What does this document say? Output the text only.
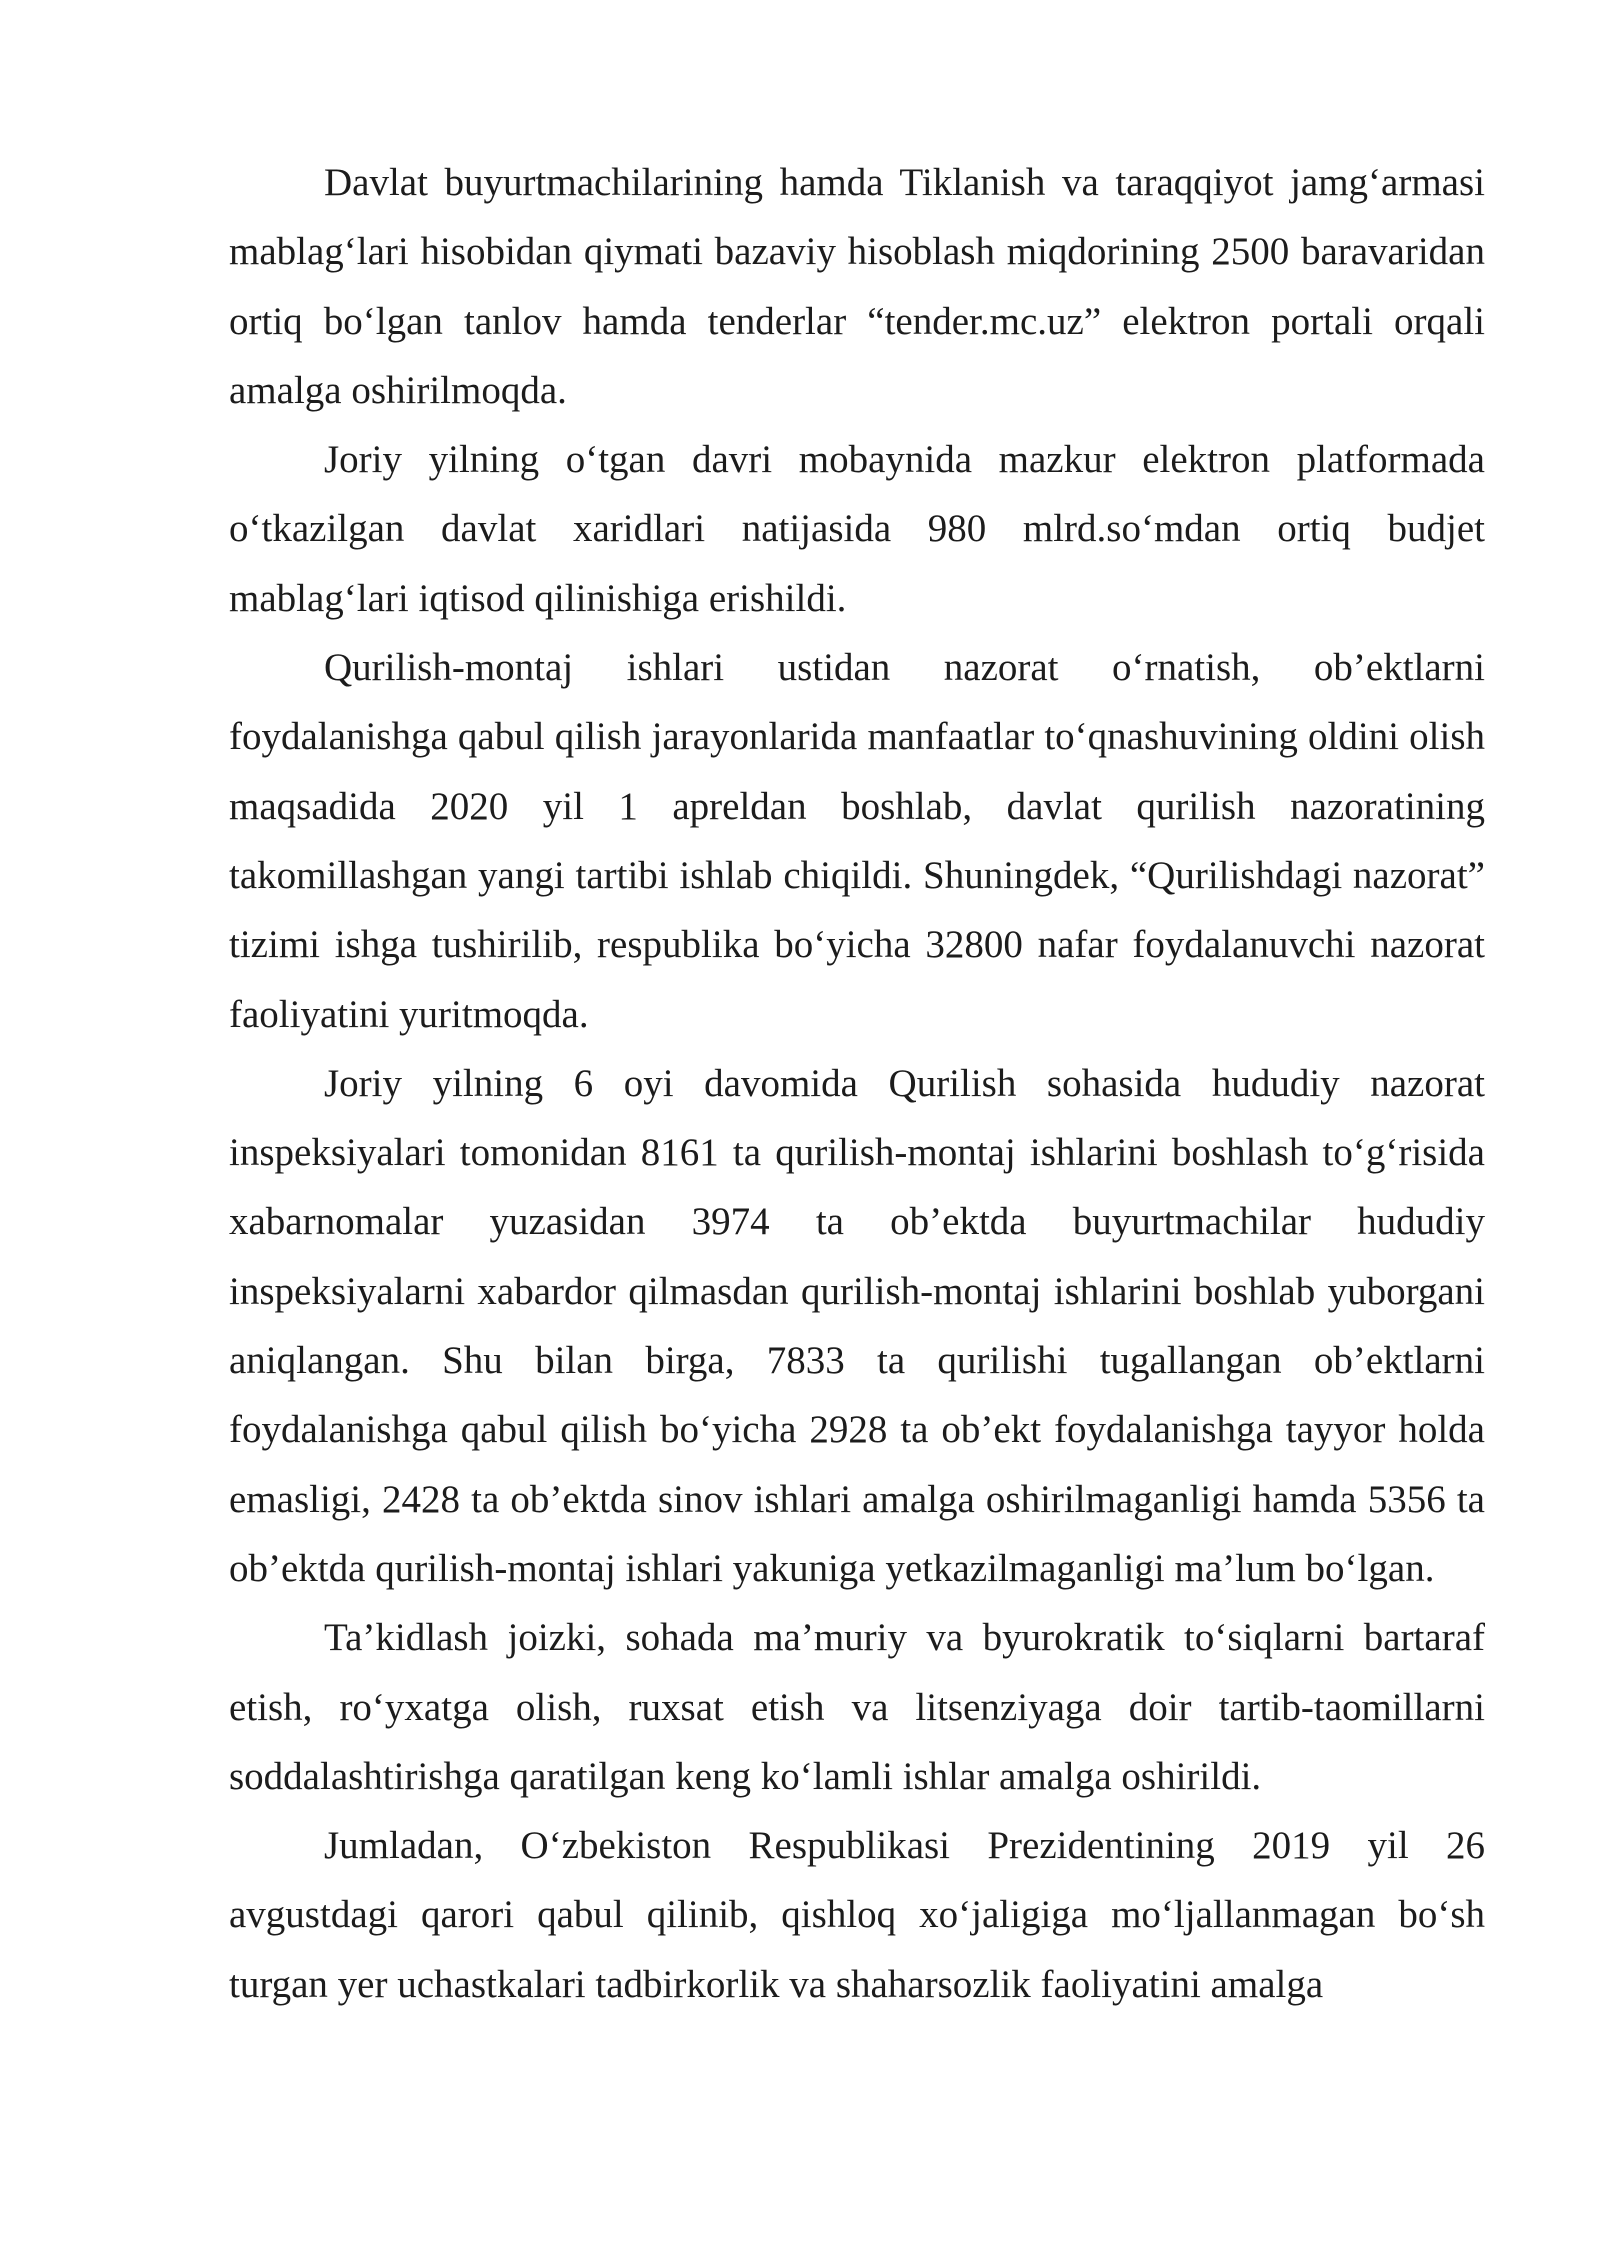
Davlat buyurtmachilarining hamda Tiklanish va taraqqiyot jamg‘armasi mablag‘lari hisobidan qiymati bazaviy hisoblash miqdorining 2500 baravaridan ortiq bo‘lgan tanlov hamda tenderlar “tender.mc.uz” elektron portali orqali amalga oshirilmoqda.

Joriy yilning o‘tgan davri mobaynida mazkur elektron platformada o‘tkazilgan davlat xaridlari natijasida 980 mlrd.so‘mdan ortiq budjet mablag‘lari iqtisod qilinishiga erishildi.

Qurilish-montaj ishlari ustidan nazorat o‘rnatish, ob’ektlarni foydalanishga qabul qilish jarayonlarida manfaatlar to‘qnashuvining oldini olish maqsadida 2020 yil 1 apreldan boshlab, davlat qurilish nazoratining takomillashgan yangi tartibi ishlab chiqildi. Shuningdek, “Qurilishdagi nazorat” tizimi ishga tushirilib, respublika bo‘yicha 32800 nafar foydalanuvchi nazorat faoliyatini yuritmoqda.

Joriy yilning 6 oyi davomida Qurilish sohasida hududiy nazorat inspeksiyalari tomonidan 8161 ta qurilish-montaj ishlarini boshlash to‘g‘risida xabarnomalar yuzasidan 3974 ta ob’ektda buyurtmachilar hududiy inspeksiyalarni xabardor qilmasdan qurilish-montaj ishlarini boshlab yuborgani aniqlangan. Shu bilan birga, 7833 ta qurilishi tugallangan ob’ektlarni foydalanishga qabul qilish bo‘yicha 2928 ta ob’ekt foydalanishga tayyor holda emasligi, 2428 ta ob’ektda sinov ishlari amalga oshirilmaganligi hamda 5356 ta ob’ektda qurilish-montaj ishlari yakuniga yetkazilmaganligi ma’lum bo‘lgan.

Ta’kidlash joizki, sohada ma’muriy va byurokratik to‘siqlarni bartaraf etish, ro‘yxatga olish, ruxsat etish va litsenziyaga doir tartib-taomillarni soddalashtirishga qaratilgan keng ko‘lamli ishlar amalga oshirildi.

Jumladan, O‘zbekiston Respublikasi Prezidentining 2019 yil 26 avgustdagi qarori qabul qilinib, qishloq xo‘jaligiga mo‘ljallanmagan bo‘sh turgan yer uchastkalari tadbirkorlik va shaharsozlik faoliyatini amalga
